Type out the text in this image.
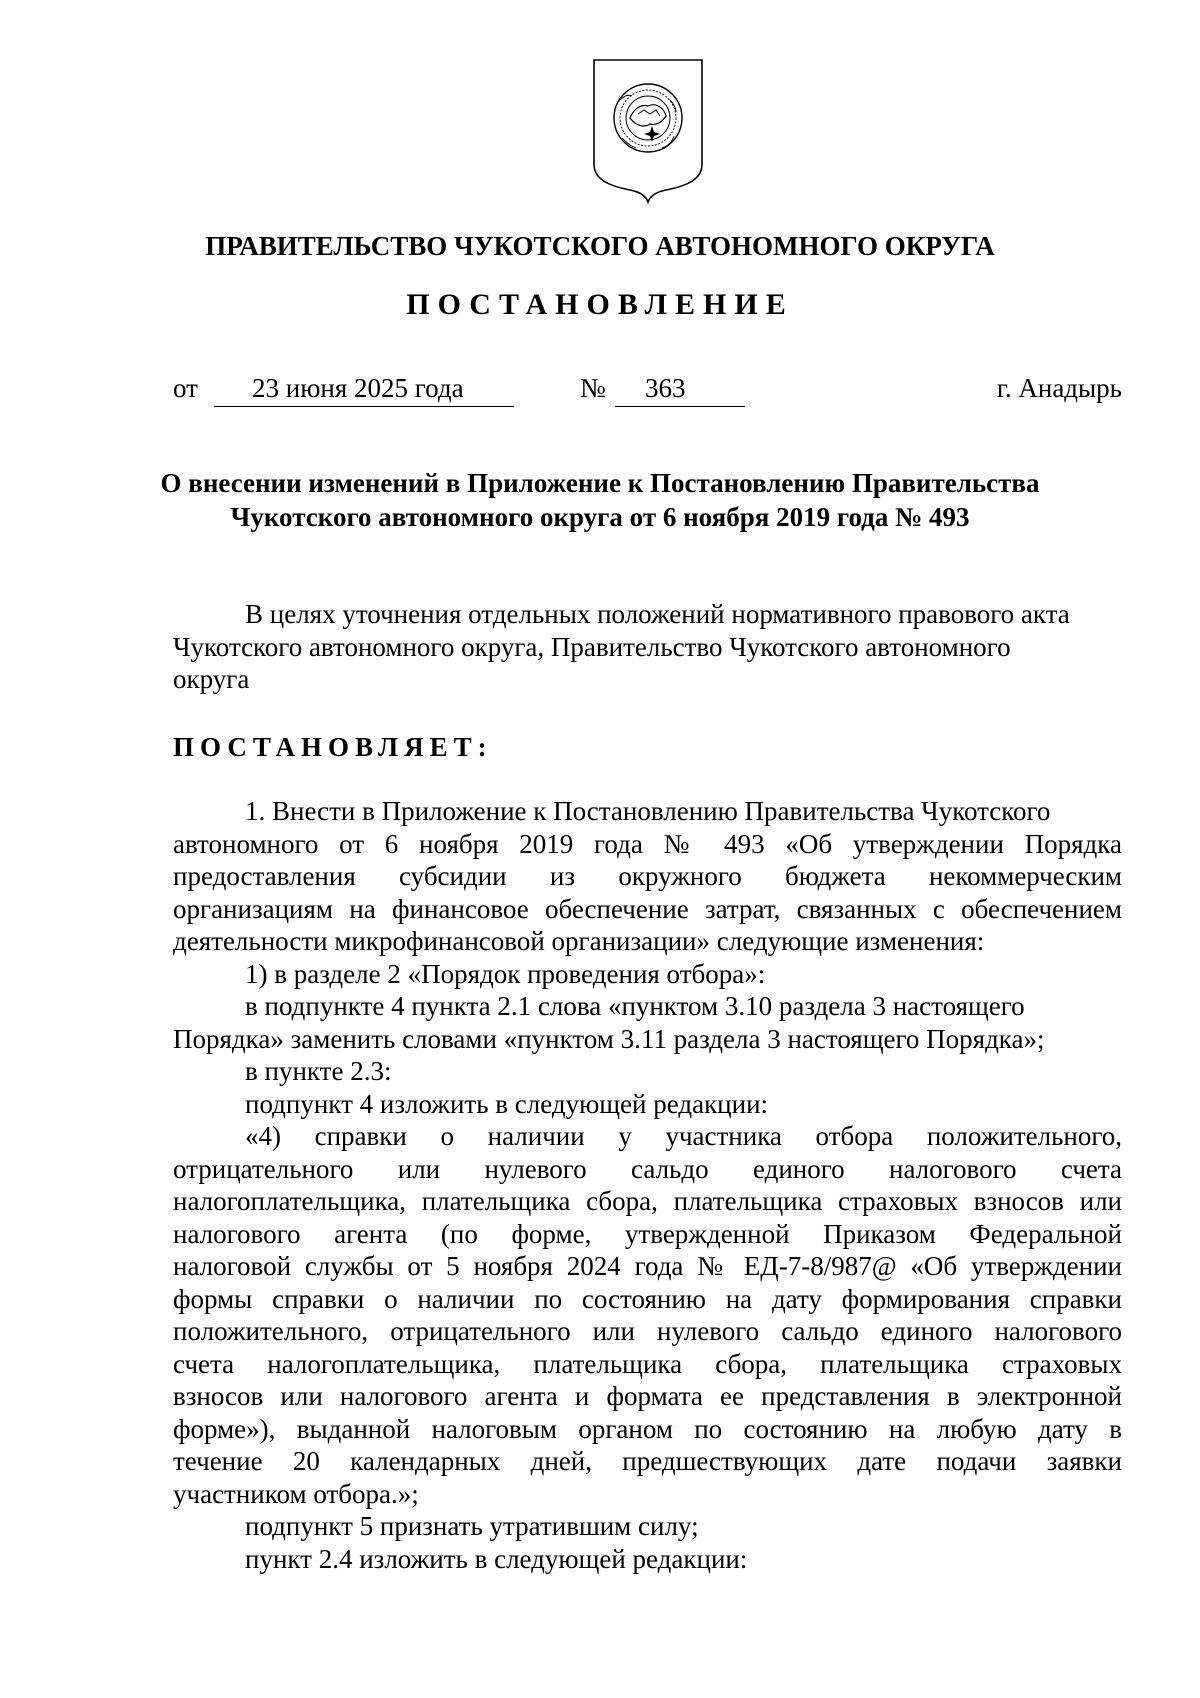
ПРАВИТЕЛЬСТВО ЧУКОТСКОГО АВТОНОМНОГО ОКРУГА
ПОСТАНОВЛЕНИЕ
от	23 июня 2025 года	№	363	г. Анадырь
О внесении изменений в Приложение к Постановлению Правительства
Чукотского автономного округа от 6 ноября 2019 года № 493
В целях уточнения отдельных положений нормативного правового акта
Чукотского автономного округа, Правительство Чукотского автономного
округа
ПОСТАНОВЛЯЕТ:
1. Внести в Приложение к Постановлению Правительства Чукотского
автономного от 6 ноября 2019 года № 493 «Об утверждении Порядка
предоставления субсидии из окружного бюджета некоммерческим
организациям на финансовое обеспечение затрат, связанных с обеспечением
деятельности микрофинансовой организации» следующие изменения:
1) в разделе 2 «Порядок проведения отбора»:
в подпункте 4 пункта 2.1 слова «пунктом 3.10 раздела 3 настоящего
Порядка» заменить словами «пунктом 3.11 раздела 3 настоящего Порядка»;
в пункте 2.3:
подпункт 4 изложить в следующей редакции:
«4) справки о наличии у участника отбора положительного,
отрицательного или нулевого сальдо единого налогового счета
налогоплательщика, плательщика сбора, плательщика страховых взносов или
налогового агента (по форме, утвержденной Приказом Федеральной
налоговой службы от 5 ноября 2024 года № ЕД-7-8/987@ «Об утверждении
формы справки о наличии по состоянию на дату формирования справки
положительного, отрицательного или нулевого сальдо единого налогового
счета налогоплательщика, плательщика сбора, плательщика страховых
взносов или налогового агента и формата ее представления в электронной
форме»), выданной налоговым органом по состоянию на любую дату в
течение 20 календарных дней, предшествующих дате подачи заявки
участником отбора.»;
подпункт 5 признать утратившим силу;
пункт 2.4 изложить в следующей редакции:
